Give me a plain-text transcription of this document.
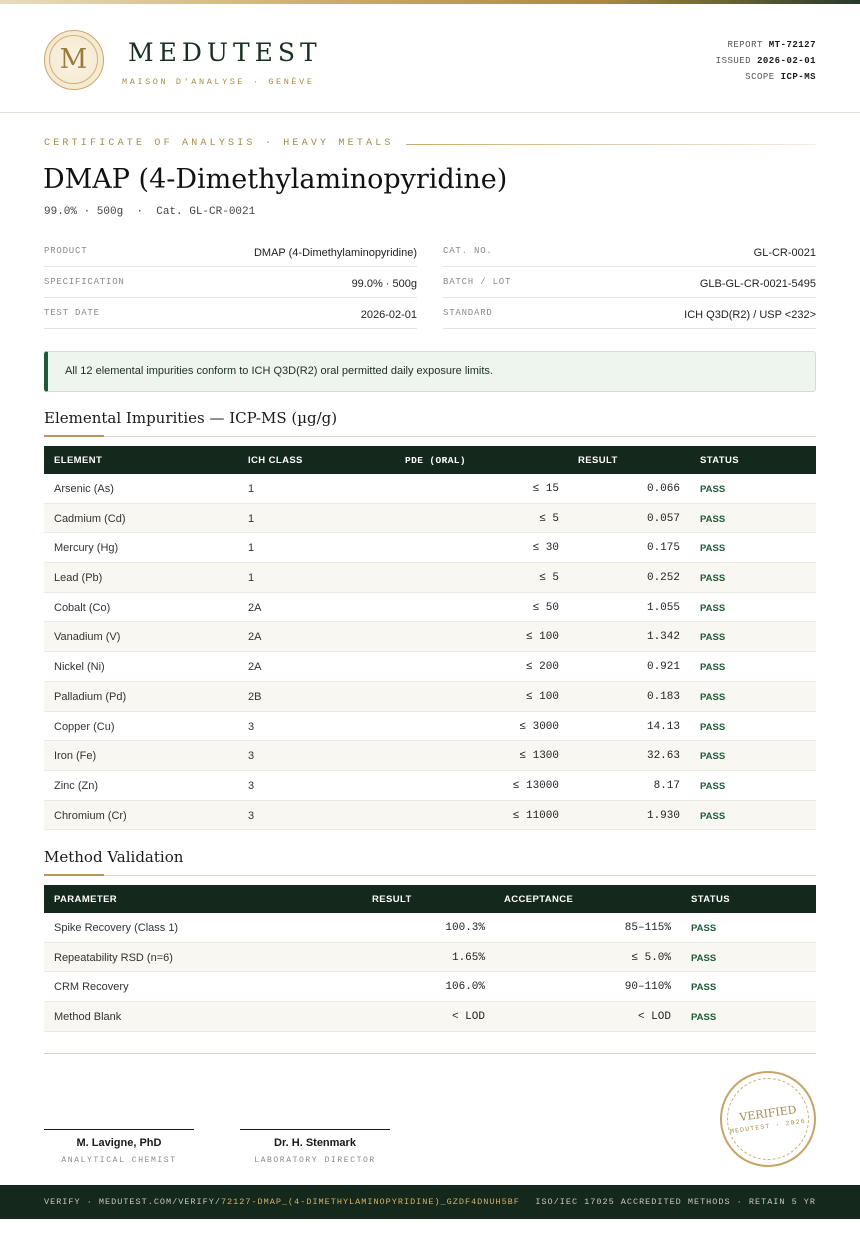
M	MEDUTEST
MAISON D'ANALYSE · GENÈVE
REPORT MT-72127
ISSUED 2026-02-01
SCOPE ICP-MS
CERTIFICATE OF ANALYSIS · HEAVY METALS
DMAP (4-Dimethylaminopyridine)
99.0% · 500g  ·  Cat. GL-CR-0021
PRODUCT	DMAP (4-Dimethylaminopyridine)
SPECIFICATION	99.0% · 500g
TEST DATE	2026-02-01
CAT. NO.	GL-CR-0021
BATCH / LOT	GLB-GL-CR-0021-5495
STANDARD	ICH Q3D(R2) / USP <232>
All 12 elemental impurities conform to ICH Q3D(R2) oral permitted daily exposure limits.
Elemental Impurities — ICP-MS (µg/g)
ELEMENT	ICH CLASS	PDE (ORAL)	RESULT	STATUS
Arsenic (As)	1	≤ 15	0.066 PASS
Cadmium (Cd)	1	≤ 5	0.057 PASS
Mercury (Hg)	1	≤ 30	0.175 PASS
Lead (Pb)	1	≤ 5	0.252 PASS
Cobalt (Co)	2A	≤ 50	1.055 PASS
Vanadium (V)	2A	≤ 100	1.342 PASS
Nickel (Ni)	2A	≤ 200	0.921 PASS
Palladium (Pd)	2B	≤ 100	0.183 PASS
Copper (Cu)	3	≤ 3000	14.13 PASS
Iron (Fe)	3	≤ 1300	32.63 PASS
Zinc (Zn)	3	≤ 13000	8.17 PASS
Chromium (Cr)	3	≤ 11000	1.930 PASS
Method Validation
PARAMETER	RESULT	ACCEPTANCE	STATUS
Spike Recovery (Class 1)	100.3%	85–115% PASS
Repeatability RSD (n=6)	1.65%	≤ 5.0% PASS
CRM Recovery	106.0%	90–110% PASS
Method Blank	< LOD	< LOD PASS
M. Lavigne, PhD
ANALYTICAL CHEMIST
Dr. H. Stenmark
LABORATORY DIRECTOR
VERIFIED
MEDUTEST · 2026
VERIFY · MEDUTEST.COM/VERIFY/72127-DMAP_(4-DIMETHYLAMINOPYRIDINE)_GZDF4DNUH5BF ISO/IEC 17025 ACCREDITED METHODS · RETAIN 5 YR
